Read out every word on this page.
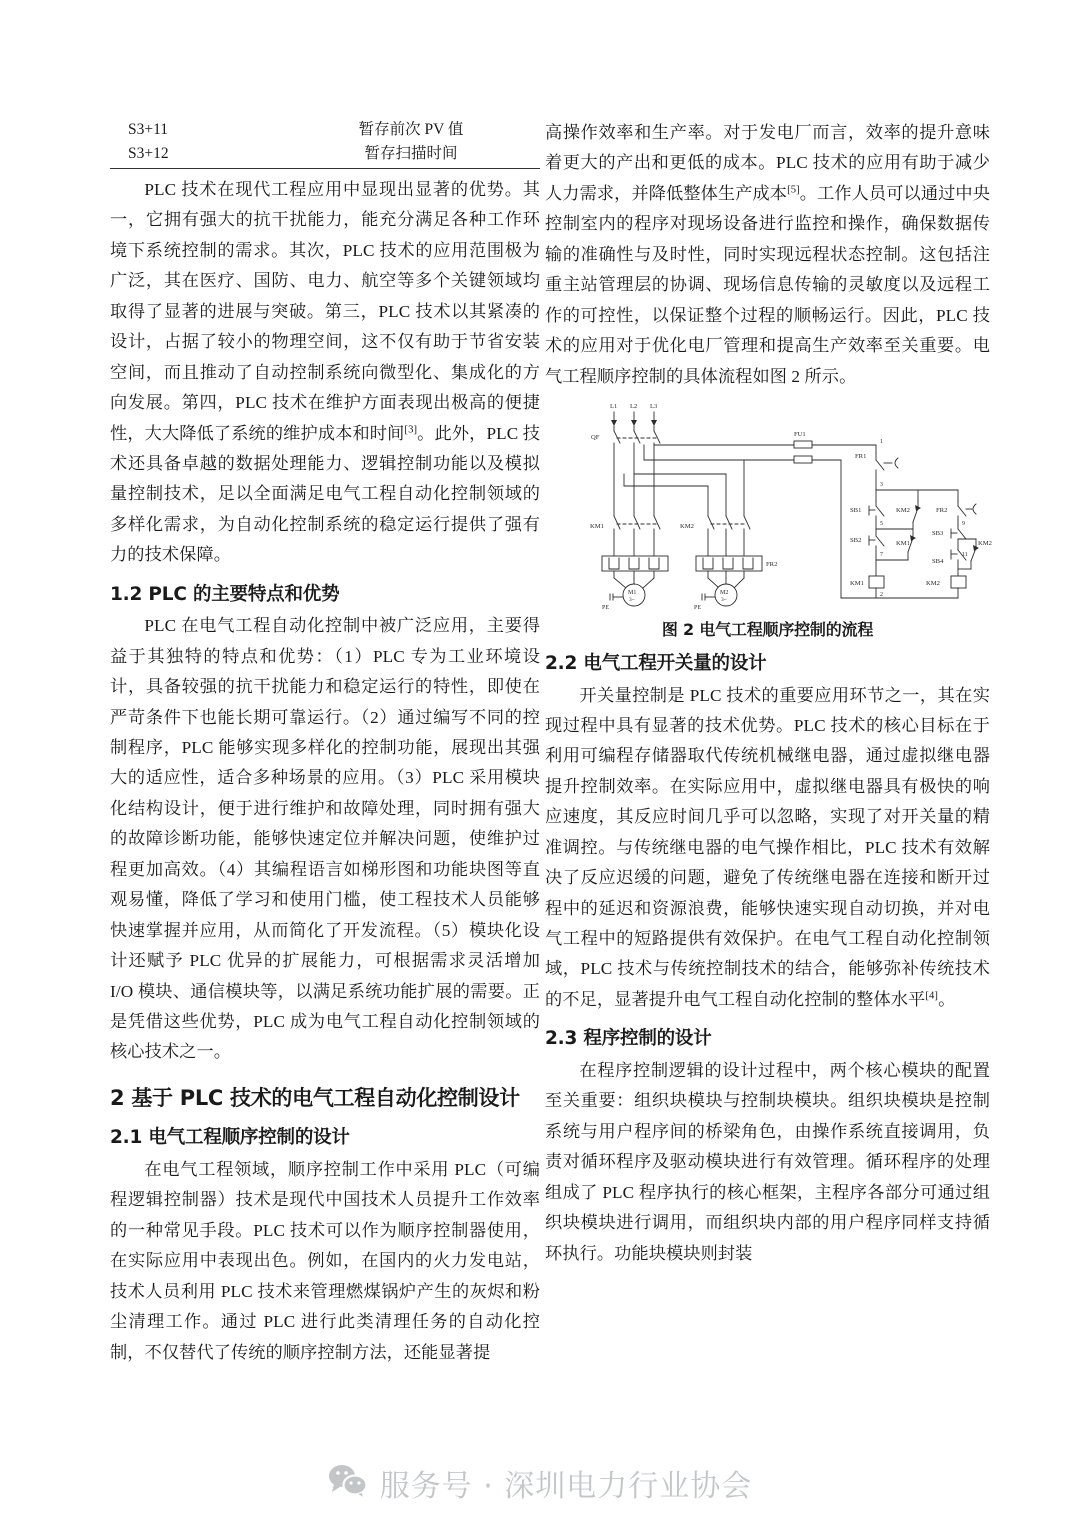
S3+11	暂存前次 PV 值
S3+12	暂存扫描时间

PLC 技术在现代工程应用中显现出显著的优势。其一，它拥有强大的抗干扰能力，能充分满足各种工作环境下系统控制的需求。其次，PLC 技术的应用范围极为广泛，其在医疗、国防、电力、航空等多个关键领域均取得了显著的进展与突破。第三，PLC 技术以其紧凑的设计，占据了较小的物理空间，这不仅有助于节省安装空间，而且推动了自动控制系统向微型化、集成化的方向发展。第四，PLC 技术在维护方面表现出极高的便捷性，大大降低了系统的维护成本和时间[3]。此外，PLC 技术还具备卓越的数据处理能力、逻辑控制功能以及模拟量控制技术，足以全面满足电气工程自动化控制领域的多样化需求，为自动化控制系统的稳定运行提供了强有力的技术保障。

1.2 PLC 的主要特点和优势

PLC 在电气工程自动化控制中被广泛应用，主要得益于其独特的特点和优势：（1）PLC 专为工业环境设计，具备较强的抗干扰能力和稳定运行的特性，即使在严苛条件下也能长期可靠运行。（2）通过编写不同的控制程序，PLC 能够实现多样化的控制功能，展现出其强大的适应性，适合多种场景的应用。（3）PLC 采用模块化结构设计，便于进行维护和故障处理，同时拥有强大的故障诊断功能，能够快速定位并解决问题，使维护过程更加高效。（4）其编程语言如梯形图和功能块图等直观易懂，降低了学习和使用门槛，使工程技术人员能够快速掌握并应用，从而简化了开发流程。（5）模块化设计还赋予 PLC 优异的扩展能力，可根据需求灵活增加 I/O 模块、通信模块等，以满足系统功能扩展的需要。正是凭借这些优势，PLC 成为电气工程自动化控制领域的核心技术之一。

2 基于 PLC 技术的电气工程自动化控制设计
2.1 电气工程顺序控制的设计

在电气工程领域，顺序控制工作中采用 PLC（可编程逻辑控制器）技术是现代中国技术人员提升工作效率的一种常见手段。PLC 技术可以作为顺序控制器使用，在实际应用中表现出色。例如，在国内的火力发电站，技术人员利用 PLC 技术来管理燃煤锅炉产生的灰烬和粉尘清理工作。通过 PLC 进行此类清理任务的自动化控制，不仅替代了传统的顺序控制方法，还能显著提

高操作效率和生产率。对于发电厂而言，效率的提升意味着更大的产出和更低的成本。PLC 技术的应用有助于减少人力需求，并降低整体生产成本[5]。工作人员可以通过中央控制室内的程序对现场设备进行监控和操作，确保数据传输的准确性与及时性，同时实现远程状态控制。这包括注重主站管理层的协调、现场信息传输的灵敏度以及远程工作的可控性，以保证整个过程的顺畅运行。因此，PLC 技术的应用对于优化电厂管理和提高生产效率至关重要。电气工程顺序控制的具体流程如图 2 所示。

L1 L2 L3
QF	FU1
KM1	KM2
FR2
M1
3~
M2
3~
PE	PE
1
FR1
3
SB1
5
KM2
SB2
7
KM1
KM1
2
FR2
9
SB3
SB4
11
KM2
KM2
图 2 电气工程顺序控制的流程
2.2 电气工程开关量的设计

开关量控制是 PLC 技术的重要应用环节之一，其在实现过程中具有显著的技术优势。PLC 技术的核心目标在于利用可编程存储器取代传统机械继电器，通过虚拟继电器提升控制效率。在实际应用中，虚拟继电器具有极快的响应速度，其反应时间几乎可以忽略，实现了对开关量的精准调控。与传统继电器的电气操作相比，PLC 技术有效解决了反应迟缓的问题，避免了传统继电器在连接和断开过程中的延迟和资源浪费，能够快速实现自动切换，并对电气工程中的短路提供有效保护。在电气工程自动化控制领域，PLC 技术与传统控制技术的结合，能够弥补传统技术的不足，显著提升电气工程自动化控制的整体水平[4]。

2.3 程序控制的设计

在程序控制逻辑的设计过程中，两个核心模块的配置至关重要：组织块模块与控制块模块。组织块模块是控制系统与用户程序间的桥梁角色，由操作系统直接调用，负责对循环程序及驱动模块进行有效管理。循环程序的处理组成了 PLC 程序执行的核心框架，主程序各部分可通过组织块模块进行调用，而组织块内部的用户程序同样支持循环执行。功能块模块则封装

服务号 · 深圳电力行业协会
